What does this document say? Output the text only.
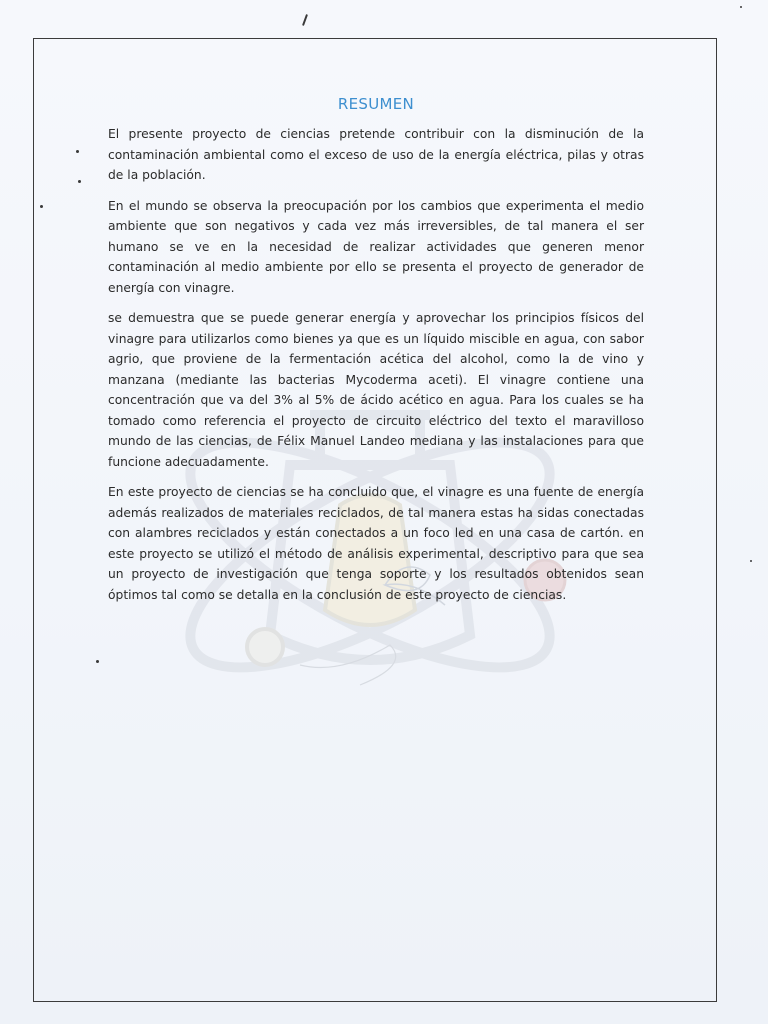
RESUMEN

El presente proyecto de ciencias pretende contribuir con la disminución de la contaminación ambiental como el exceso de uso de la energía eléctrica, pilas y otras de la población.

En el mundo se observa la preocupación por los cambios que experimenta el medio ambiente que son negativos y cada vez más irreversibles, de tal manera el ser humano se ve en la necesidad de realizar actividades que generen menor contaminación al medio ambiente por ello se presenta el proyecto de generador de energía con vinagre.

se demuestra que se puede generar energía y aprovechar los principios físicos del vinagre para utilizarlos como bienes ya que es un líquido miscible en agua, con sabor agrio, que proviene de la fermentación acética del alcohol, como la de vino y manzana (mediante las bacterias Mycoderma aceti). El vinagre contiene una concentración que va del 3% al 5% de ácido acético en agua. Para los cuales se ha tomado como referencia el proyecto de circuito eléctrico del texto el maravilloso mundo de las ciencias, de Félix Manuel Landeo mediana y las instalaciones para que funcione adecuadamente.

En este proyecto de ciencias se ha concluido que, el vinagre es una fuente de energía además realizados de materiales reciclados, de tal manera estas ha sidas conectadas con alambres reciclados y están conectados a un foco led en una casa de cartón. en este proyecto se utilizó el método de análisis experimental, descriptivo para que sea un proyecto de investigación que tenga soporte y los resultados obtenidos sean óptimos tal como se detalla en la conclusión de este proyecto de ciencias.
